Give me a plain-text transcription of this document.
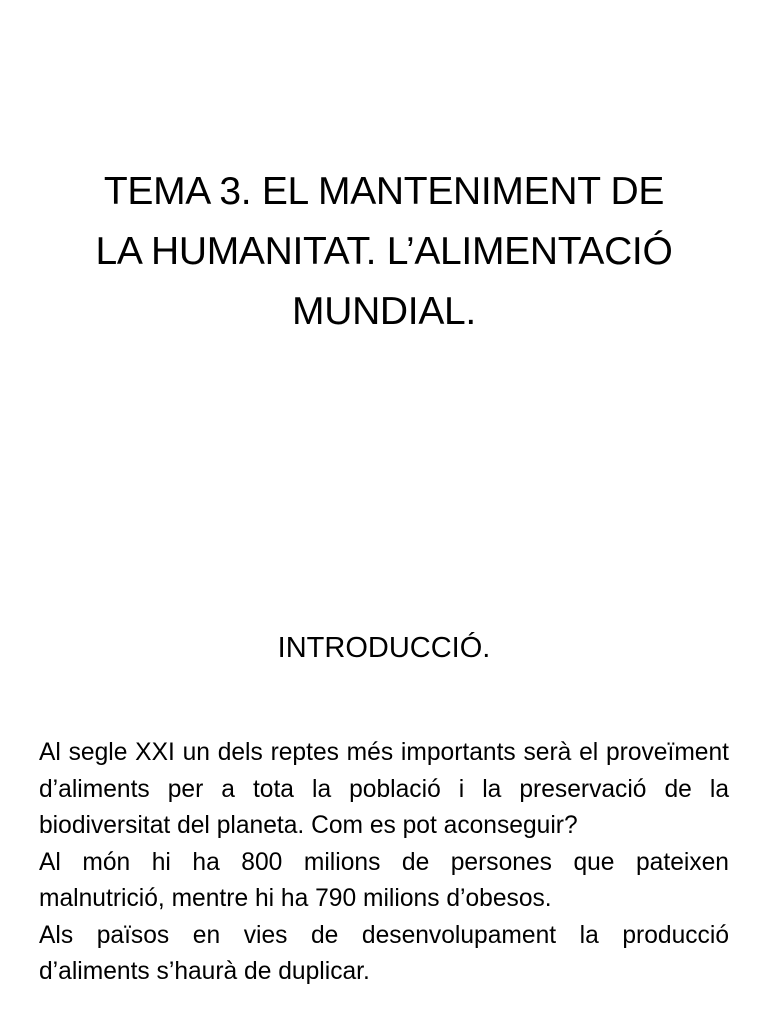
TEMA 3. EL MANTENIMENT DE
LA HUMANITAT. L’ALIMENTACIÓ
MUNDIAL.
INTRODUCCIÓ.

Al segle XXI un dels reptes més importants serà el proveïment d’aliments per a tota la població i la preservació de la biodiversitat del planeta. Com es pot aconseguir?

Al món hi ha 800 milions de persones que pateixen malnutrició, mentre hi ha 790 milions d’obesos.

Als països en vies de desenvolupament la producció d’aliments s’haurà de duplicar.
